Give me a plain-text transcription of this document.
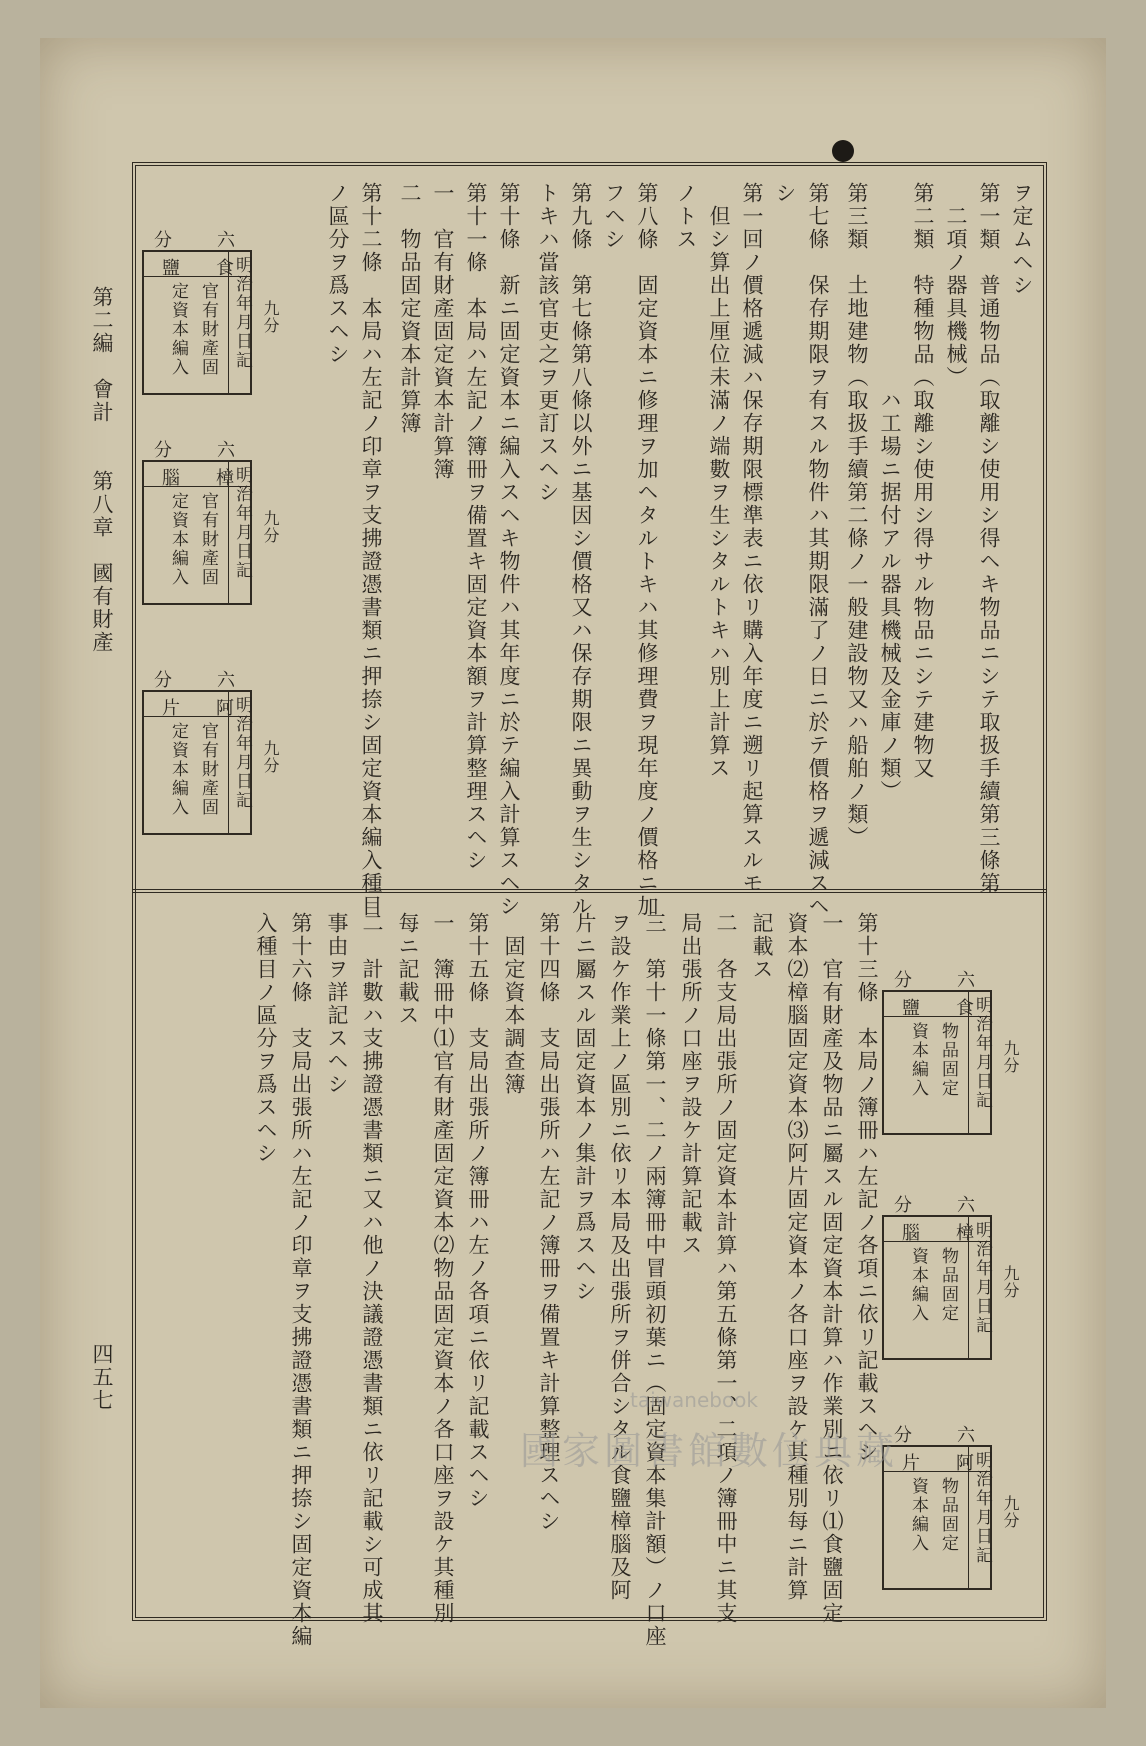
第二編　會計　　第八章　國有財產
四五七
ヲ定ムヘシ
第一類　普通物品（取離シ使用シ得ヘキ物品ニシテ取扱手續第三條第
　二項ノ器具機械）
第二類　特種物品（取離シ使用シ得サル物品ニシテ建物又
　　　　　　　　　ハ工場ニ据付アル器具機械及金庫ノ類）
第三類　土地建物（取扱手續第二條ノ一般建設物又ハ船舶ノ類）
第七條　保存期限ヲ有スル物件ハ其期限滿了ノ日ニ於テ價格ヲ遞減スヘ
シ
第一回ノ價格遞減ハ保存期限標準表ニ依リ購入年度ニ遡リ起算スルモ
　但シ算出上厘位未滿ノ端數ヲ生シタルトキハ別上計算ス
ノトス
第八條　固定資本ニ修理ヲ加ヘタルトキハ其修理費ヲ現年度ノ價格ニ加
フヘシ
第九條　第七條第八條以外ニ基因シ價格又ハ保存期限ニ異動ヲ生シタル
トキハ當該官吏之ヲ更訂スヘシ
第十條　新ニ固定資本ニ編入スヘキ物件ハ其年度ニ於テ編入計算スヘシ
第十一條　本局ハ左記ノ簿冊ヲ備置キ固定資本額ヲ計算整理スヘシ
一　官有財產固定資本計算簿
二　物品固定資本計算簿
第十二條　本局ハ左記ノ印章ヲ支拂證憑書類ニ押捺シ固定資本編入種目
ノ區分ヲ爲スヘシ
第十三條　本局ノ簿冊ハ左記ノ各項ニ依リ記載スヘシ
一　官有財產及物品ニ屬スル固定資本計算ハ作業別ニ依リ⑴食鹽固定
資本⑵樟腦固定資本⑶阿片固定資本ノ各口座ヲ設ケ其種別每ニ計算
記載ス
二　各支局出張所ノ固定資本計算ハ第五條第一、二項ノ簿冊中ニ其支
局出張所ノ口座ヲ設ケ計算記載ス
三　第十一條第一、二ノ兩簿冊中冒頭初葉ニ（固定資本集計額）ノ口座
ヲ設ケ作業上ノ區別ニ依リ本局及出張所ヲ併合シタル食鹽樟腦及阿
片ニ屬スル固定資本ノ集計ヲ爲スヘシ
第十四條　支局出張所ハ左記ノ簿冊ヲ備置キ計算整理スヘシ
　固定資本調查簿
第十五條　支局出張所ノ簿冊ハ左ノ各項ニ依リ記載スヘシ
一　簿冊中⑴官有財產固定資本⑵物品固定資本ノ各口座ヲ設ケ其種別
每ニ記載ス
二　計數ハ支拂證憑書類ニ又ハ他ノ決議證憑書類ニ依リ記載シ可成其
事由ヲ詳記スヘシ
第十六條　支局出張所ハ左記ノ印章ヲ支拂證憑書類ニ押捺シ固定資本編
入種目ノ區分ヲ爲スヘシ
六
分
食
鹽	明治年月日記
官有財產固
定資本編入	九分
六
分
樟
腦	明治年月日記
官有財產固
定資本編入	九分
六
分
阿
片	明治年月日記
官有財產固
定資本編入	九分
六
分
食
鹽	明治年月日記
物品固定
資本編入	九分
六
分
樟
腦	明治年月日記
物品固定
資本編入	九分
六
分
阿
片	明治年月日記
物品固定
資本編入	九分
taiwanebook
國家圖書館數位典藏
